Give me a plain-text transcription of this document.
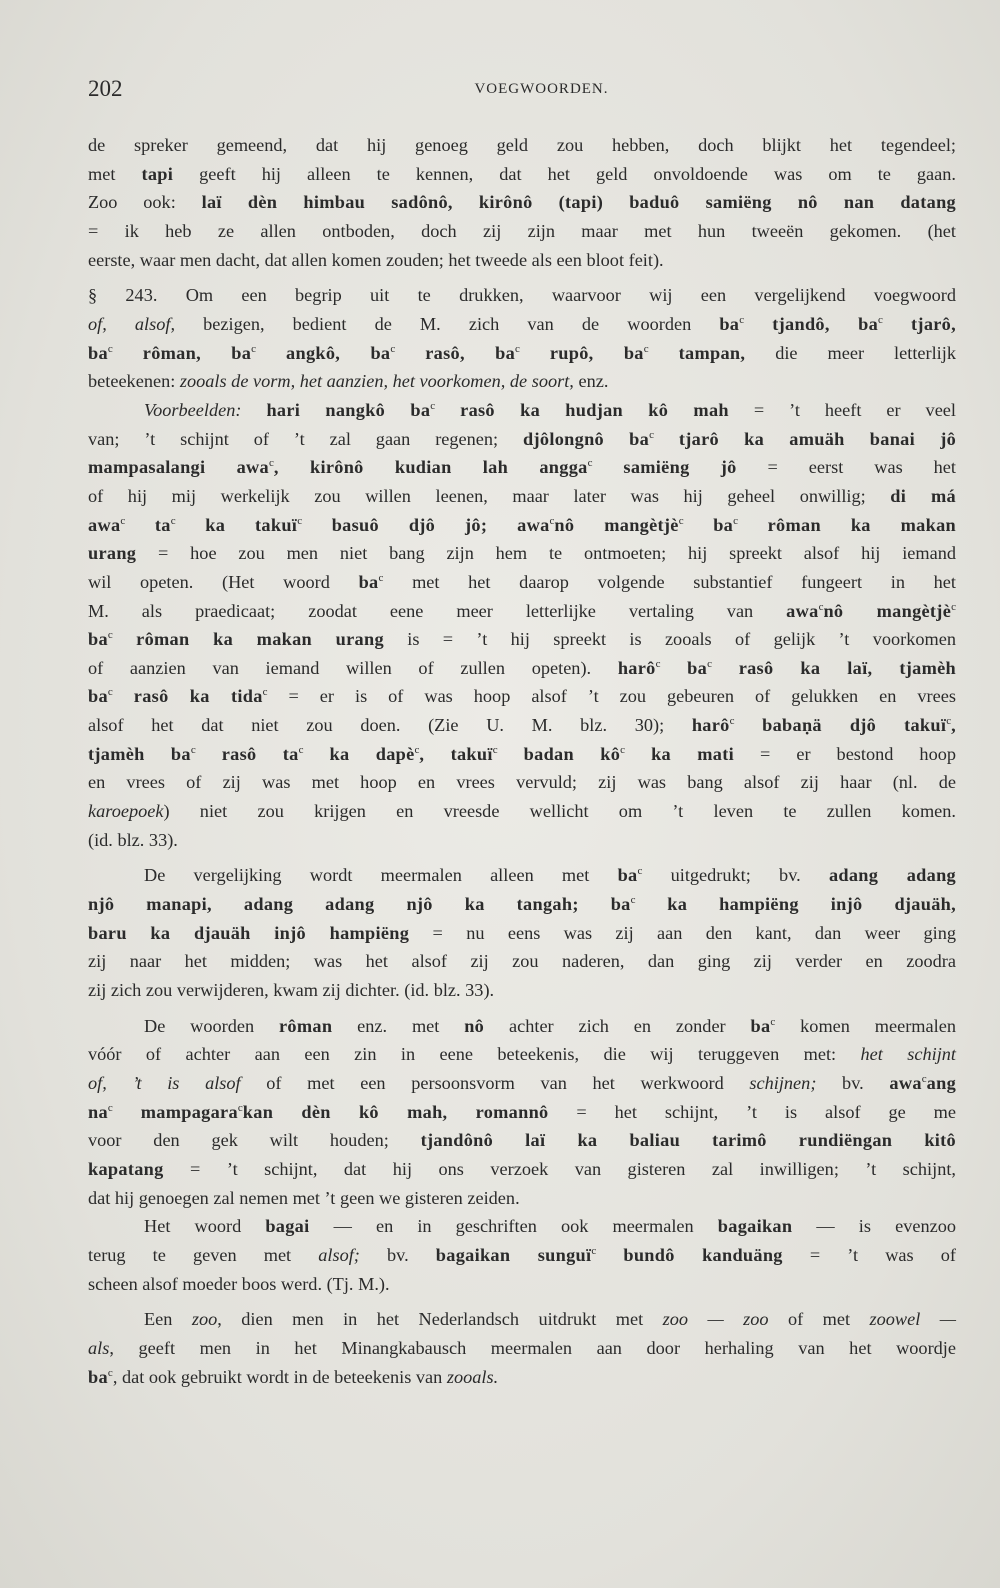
202	VOEGWOORDEN.

de spreker gemeend, dat hij genoeg geld zou hebben, doch blijkt het tegendeel;

met tapi geeft hij alleen te kennen, dat het geld onvoldoende was om te gaan.

Zoo ook: laï dèn himbau sadônô, kirônô (tapi) baduô samiëng nô nan datang

= ik heb ze allen ontboden, doch zij zijn maar met hun tweeën gekomen. (het

eerste, waar men dacht, dat allen komen zouden; het tweede als een bloot feit).

§ 243. Om een begrip uit te drukken, waarvoor wij een vergelijkend voegwoord

of, alsof, bezigen, bedient de M. zich van de woorden $ba^c$ tjandô, $ba^c$ tjarô,

$ba^c$ rôman, $ba^c$ angkô, $ba^c$ rasô, $ba^c$ rupô, $ba^c$ tampan, die meer letterlijk

beteekenen: zooals de vorm, het aanzien, het voorkomen, de soort, enz.

Voorbeelden: hari nangkô $ba^c$ rasô ka hudjan kô mah = ’t heeft er veel

van; ’t schijnt of ’t zal gaan regenen; djôlongnô $ba^c$ tjarô ka amuäh banai jô

mampasalangi awa$^c$, kirônô kudian lah angga$^c$ samiëng jô = eerst was het

of hij mij werkelijk zou willen leenen, maar later was hij geheel onwillig; di má

awa$^c$ $ta^c$ ka takuï$^c$ basuô djô jô; awa$^c$nô mangètjè$^c$ $ba^c$ rôman ka makan

urang = hoe zou men niet bang zijn hem te ontmoeten; hij spreekt alsof hij iemand

wil opeten. (Het woord $ba^c$ met het daarop volgende substantief fungeert in het

M. als praedicaat; zoodat eene meer letterlijke vertaling van awa$^c$nô mangètjè$^c$

$ba^c$ rôman ka makan urang is = ’t hij spreekt is zooals of gelijk ’t voorkomen

of aanzien van iemand willen of zullen opeten). harô$^c$ $ba^c$ rasô ka laï, tjamèh

$ba^c$ rasô ka tida$^c$ = er is of was hoop alsof ’t zou gebeuren of gelukken en vrees

alsof het dat niet zou doen. (Zie U. M. blz. 30); harô$^c$ babaṇä djô takuï$^c$,

tjamèh $ba^c$ rasô $ta^c$ ka dapè$^c$, takuï$^c$ badan $kô^c$ ka mati = er bestond hoop

en vrees of zij was met hoop en vrees vervuld; zij was bang alsof zij haar (nl. de

karoepoek) niet zou krijgen en vreesde wellicht om ’t leven te zullen komen.

(id. blz. 33).

De vergelijking wordt meermalen alleen met $ba^c$ uitgedrukt; bv. adang adang

njô manapi, adang adang njô ka tangah; $ba^c$ ka hampiëng injô djauäh,

baru ka djauäh injô hampiëng = nu eens was zij aan den kant, dan weer ging

zij naar het midden; was het alsof zij zou naderen, dan ging zij verder en zoodra

zij zich zou verwijderen, kwam zij dichter. (id. blz. 33).

De woorden rôman enz. met nô achter zich en zonder $ba^c$ komen meermalen

vóór of achter aan een zin in eene beteekenis, die wij teruggeven met: het schijnt

of, ’t is alsof of met een persoonsvorm van het werkwoord schijnen; bv. awa$^c$ang

$na^c$ mampagara$^c$kan dèn kô mah, romannô = het schijnt, ’t is alsof ge me

voor den gek wilt houden; tjandônô laï ka baliau tarimô rundiëngan kitô

kapatang = ’t schijnt, dat hij ons verzoek van gisteren zal inwilligen; ’t schijnt,

dat hij genoegen zal nemen met ’t geen we gisteren zeiden.

Het woord bagai — en in geschriften ook meermalen bagaikan — is evenzoo

terug te geven met alsof; bv. bagaikan sunguï$^c$ bundô kanduäng = ’t was of

scheen alsof moeder boos werd. (Tj. M.).

Een zoo, dien men in het Nederlandsch uitdrukt met zoo — zoo of met zoowel —

als, geeft men in het Minangkabausch meermalen aan door herhaling van het woordje

$ba^c$, dat ook gebruikt wordt in de beteekenis van zooals.
